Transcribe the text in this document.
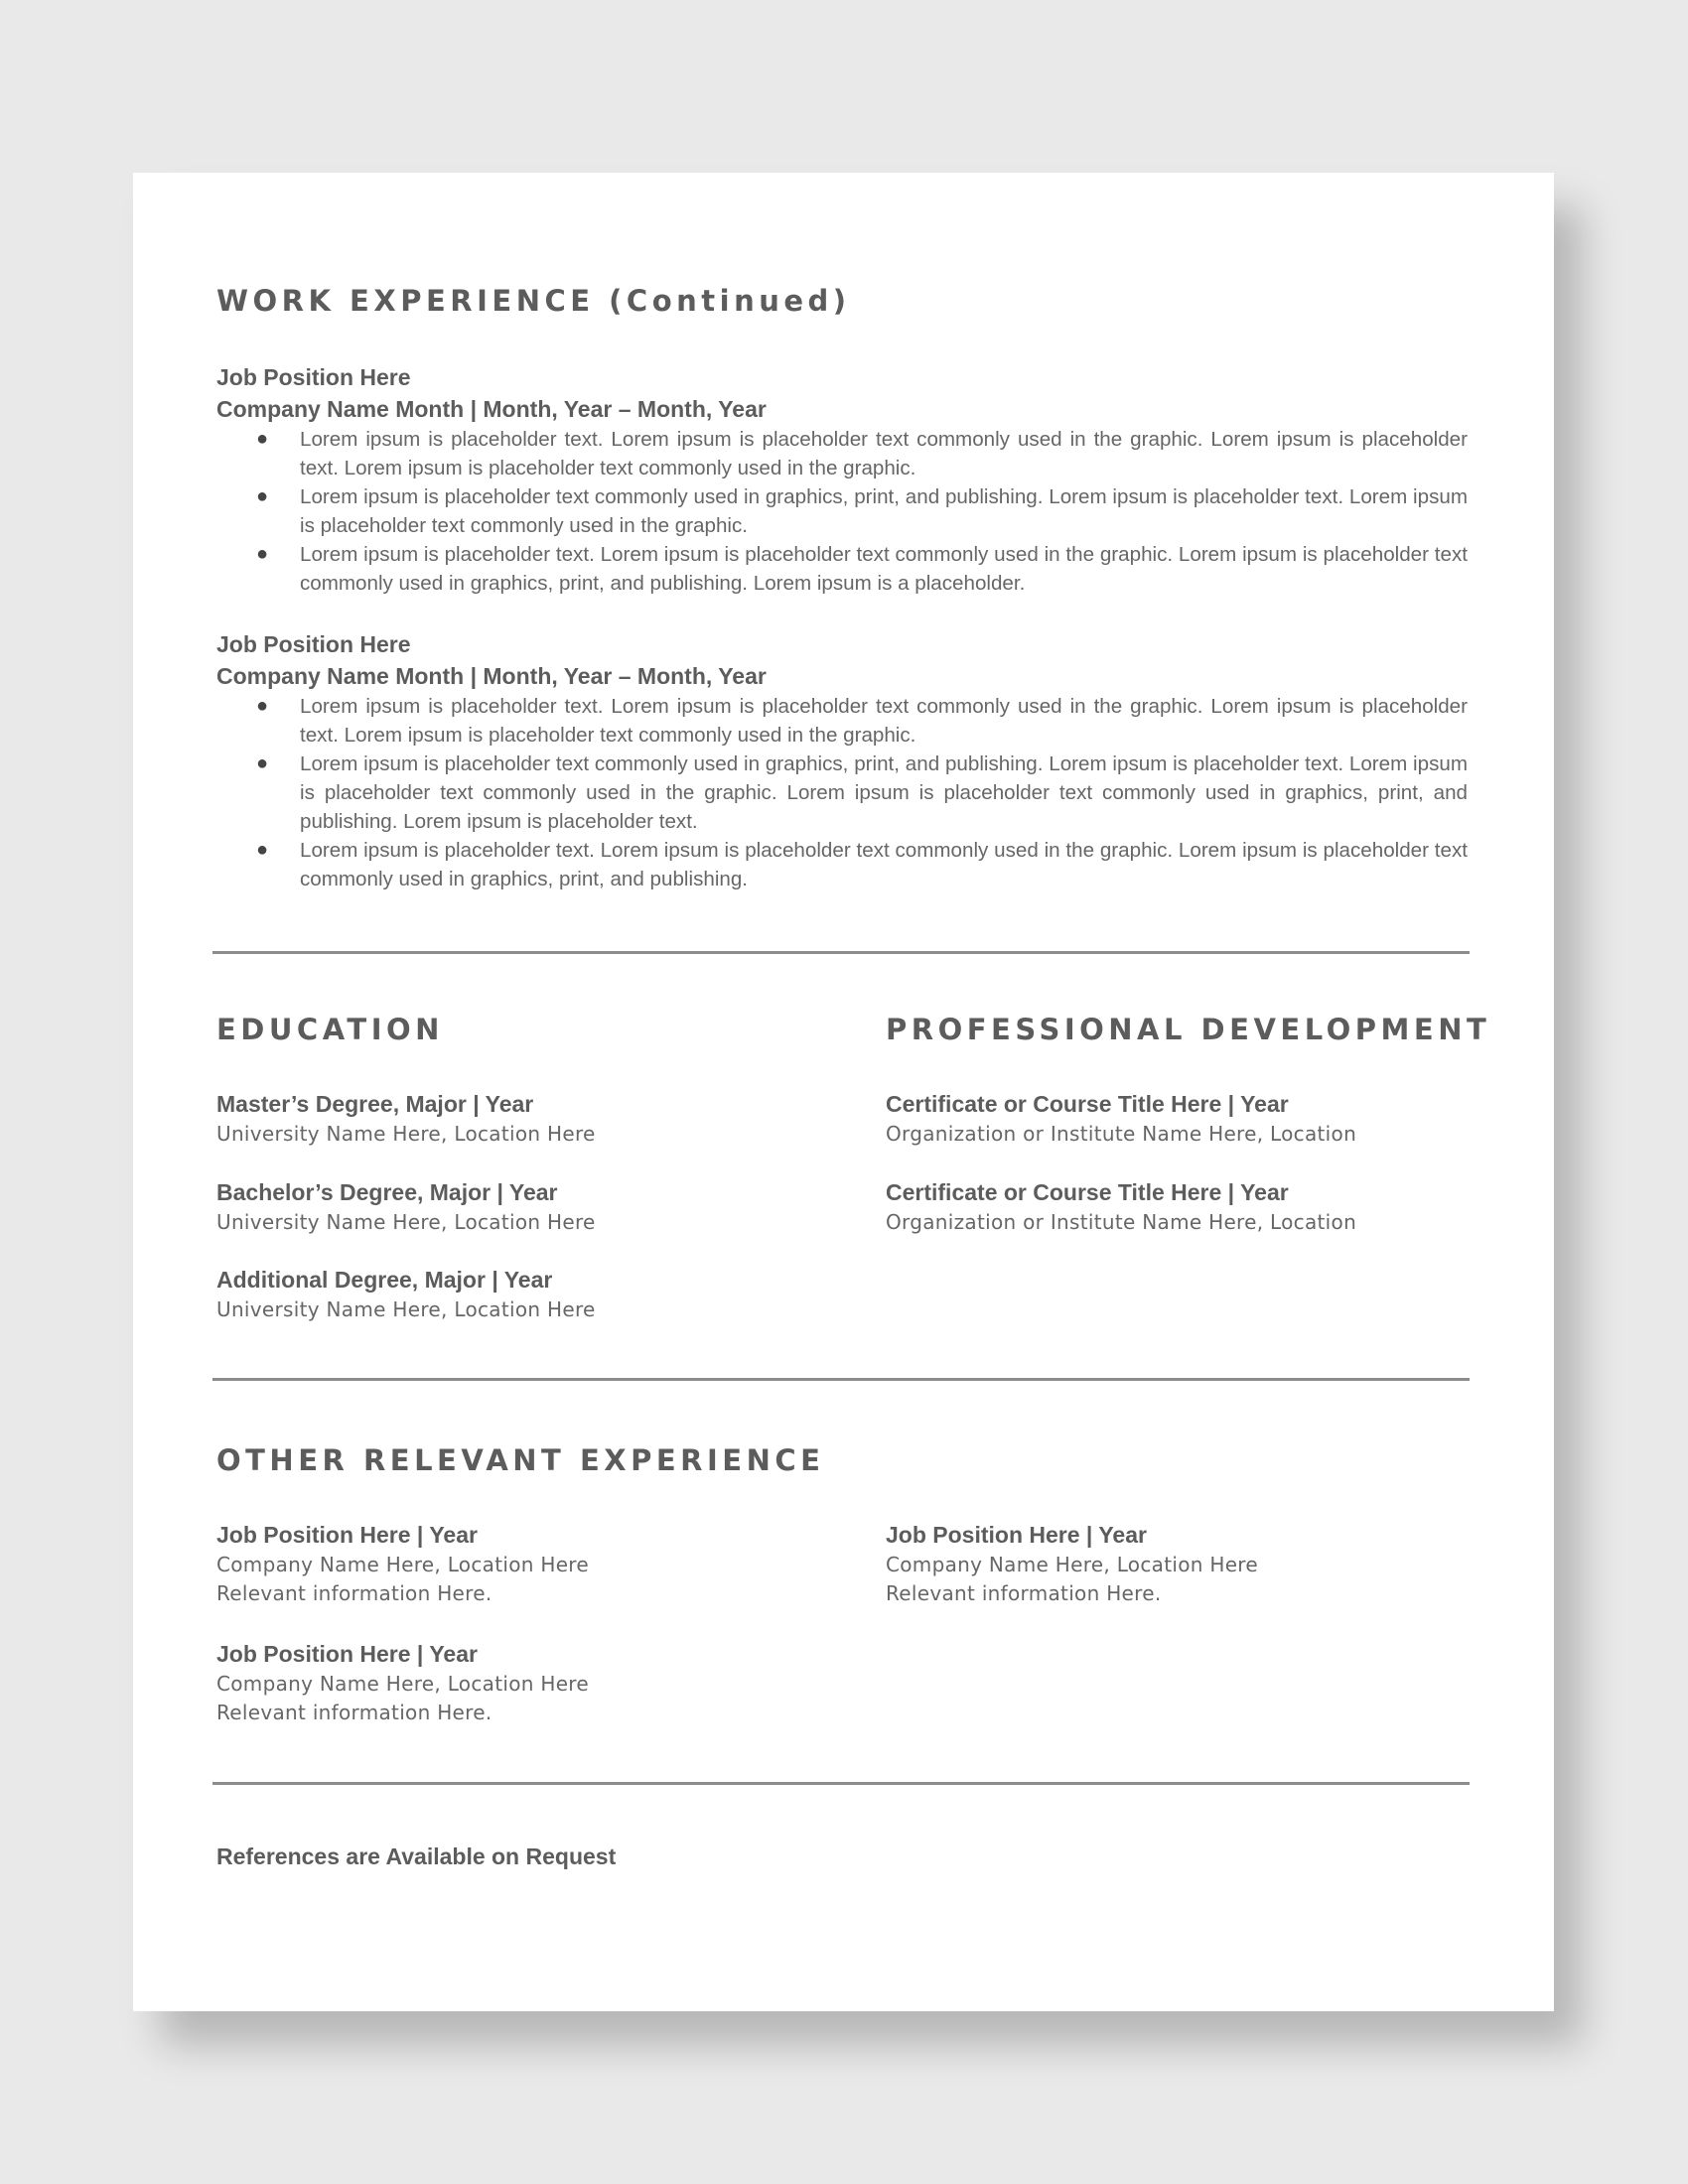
WORK EXPERIENCE (Continued)
Job Position Here
Company Name Month | Month, Year – Month, Year
● Lorem ipsum is placeholder text. Lorem ipsum is placeholder text commonly used in the graphic. Lorem ipsum is placeholder text. Lorem ipsum is placeholder text commonly used in the graphic.
● Lorem ipsum is placeholder text commonly used in graphics, print, and publishing. Lorem ipsum is placeholder text. Lorem ipsum is placeholder text commonly used in the graphic.
● Lorem ipsum is placeholder text. Lorem ipsum is placeholder text commonly used in the graphic. Lorem ipsum is placeholder text commonly used in graphics, print, and publishing. Lorem ipsum is a placeholder.
Job Position Here
Company Name Month | Month, Year – Month, Year
● Lorem ipsum is placeholder text. Lorem ipsum is placeholder text commonly used in the graphic. Lorem ipsum is placeholder text. Lorem ipsum is placeholder text commonly used in the graphic.
● Lorem ipsum is placeholder text commonly used in graphics, print, and publishing. Lorem ipsum is placeholder text. Lorem ipsum is placeholder text commonly used in the graphic. Lorem ipsum is placeholder text commonly used in graphics, print, and publishing. Lorem ipsum is placeholder text.
● Lorem ipsum is placeholder text. Lorem ipsum is placeholder text commonly used in the graphic. Lorem ipsum is placeholder text commonly used in graphics, print, and publishing.
EDUCATION
Master’s Degree, Major | Year
University Name Here, Location Here
Bachelor’s Degree, Major | Year
University Name Here, Location Here
Additional Degree, Major | Year
University Name Here, Location Here
PROFESSIONAL DEVELOPMENT
Certificate or Course Title Here | Year
Organization or Institute Name Here, Location
Certificate or Course Title Here | Year
Organization or Institute Name Here, Location
OTHER RELEVANT EXPERIENCE
Job Position Here | Year
Company Name Here, Location Here
Relevant information Here.
Job Position Here | Year
Company Name Here, Location Here
Relevant information Here.
Job Position Here | Year
Company Name Here, Location Here
Relevant information Here.
References are Available on Request
